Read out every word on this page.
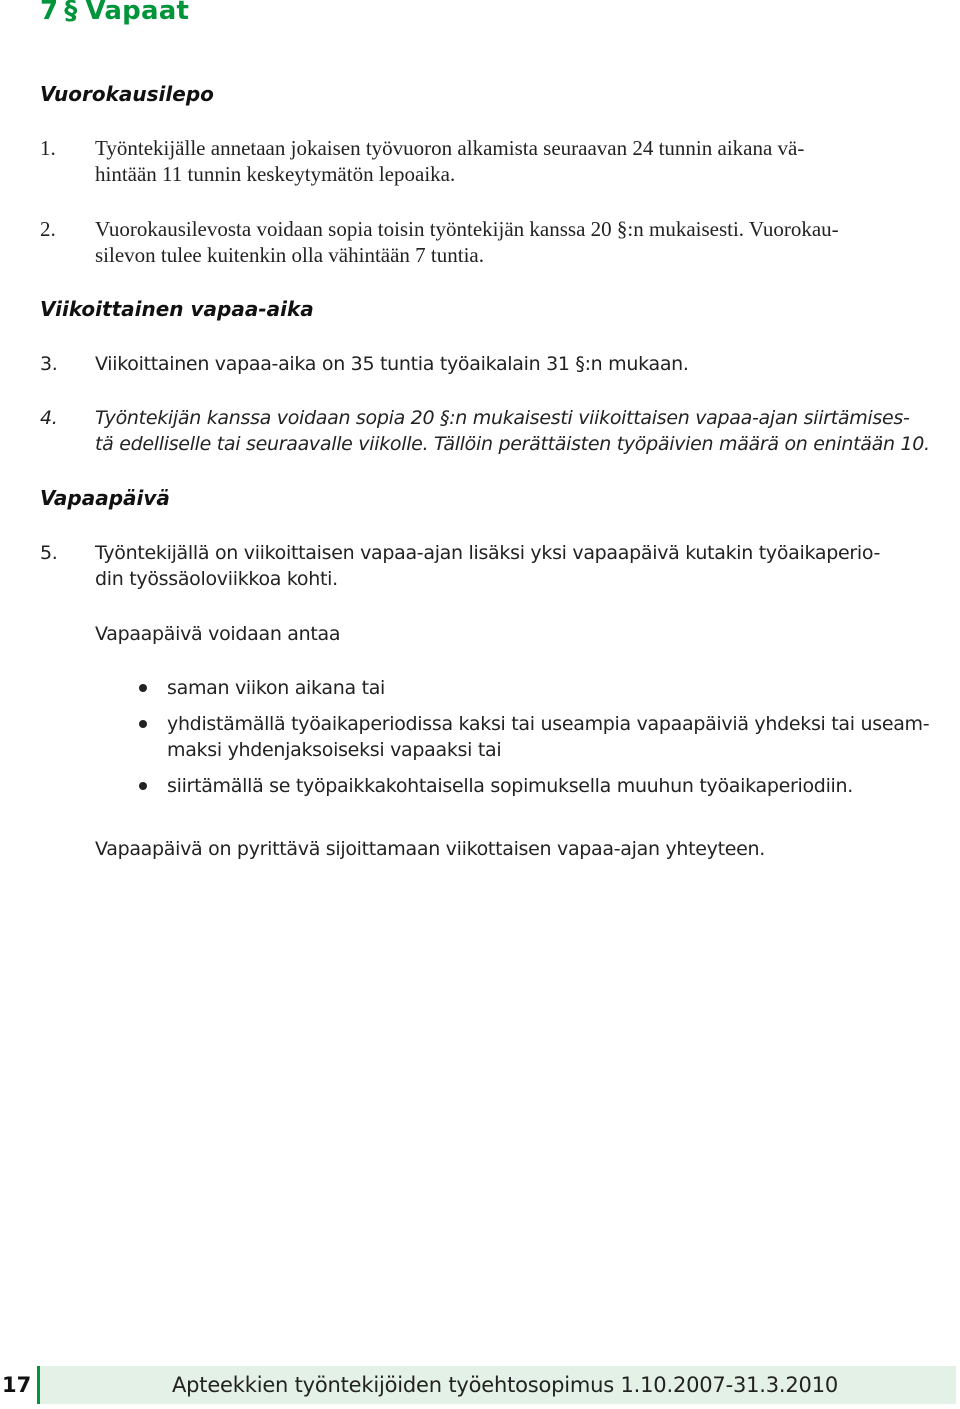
7 § Vapaat
Vuorokausilepo
1. Työntekijälle annetaan jokaisen työvuoron alkamista seuraavan 24 tunnin aikana vä-
hintään 11 tunnin keskeytymätön lepoaika.
2. Vuorokausilevosta voidaan sopia toisin työntekijän kanssa 20 §:n mukaisesti. Vuorokau-
silevon tulee kuitenkin olla vähintään 7 tuntia.
Viikoittainen vapaa-aika
3. Viikoittainen vapaa-aika on 35 tuntia työaikalain 31 §:n mukaan.
4. Työntekijän kanssa voidaan sopia 20 §:n mukaisesti viikoittaisen vapaa-ajan siirtämises-
tä edelliselle tai seuraavalle viikolle. Tällöin perättäisten työpäivien määrä on enintään 10.
Vapaapäivä
5. Työntekijällä on viikoittaisen vapaa-ajan lisäksi yksi vapaapäivä kutakin työaikaperio-
din työssäoloviikkoa kohti.
Vapaapäivä voidaan antaa
saman viikon aikana tai
yhdistämällä työaikaperiodissa kaksi tai useampia vapaapäiviä yhdeksi tai useam-
maksi yhdenjaksoiseksi vapaaksi tai
siirtämällä se työpaikkakohtaisella sopimuksella muuhun työaikaperiodiin.
Vapaapäivä on pyrittävä sijoittamaan viikottaisen vapaa-ajan yhteyteen.
17	Apteekkien työntekijöiden työehtosopimus 1.10.2007-31.3.2010
